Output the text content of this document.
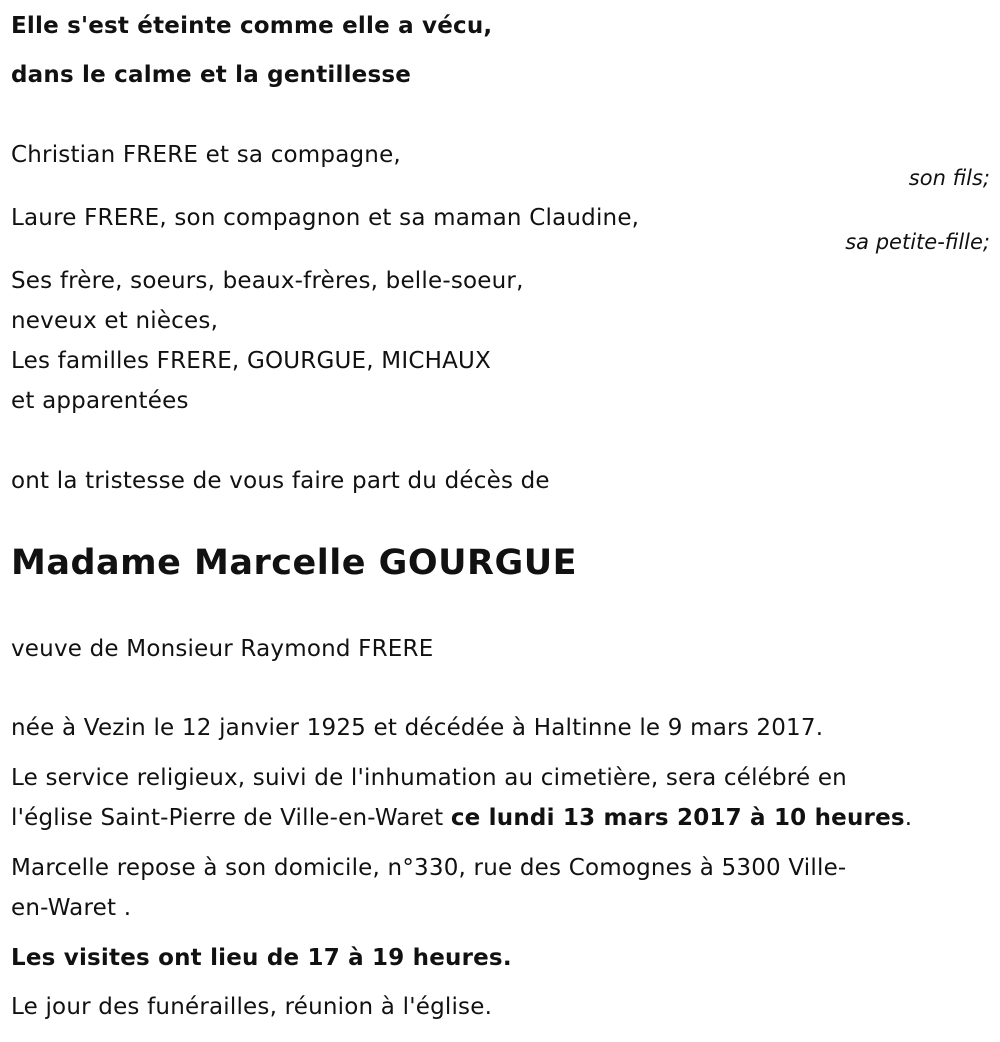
Elle s'est éteinte comme elle a vécu,
dans le calme et la gentillesse
Christian FRERE et sa compagne,
son fils;
Laure FRERE, son compagnon et sa maman Claudine,
sa petite-fille;
Ses frère, soeurs, beaux-frères, belle-soeur,
neveux et nièces,
Les familles FRERE, GOURGUE, MICHAUX
et apparentées
ont la tristesse de vous faire part du décès de
Madame Marcelle GOURGUE
veuve de Monsieur Raymond FRERE
née à Vezin le 12 janvier 1925 et décédée à Haltinne le 9 mars 2017.
Le service religieux, suivi de l'inhumation au cimetière, sera célébré en
l'église Saint-Pierre de Ville-en-Waret ce lundi 13 mars 2017 à 10 heures.
Marcelle repose à son domicile, n°330, rue des Comognes à 5300 Ville-
en-Waret .
Les visites ont lieu de 17 à 19 heures.
Le jour des funérailles, réunion à l'église.
